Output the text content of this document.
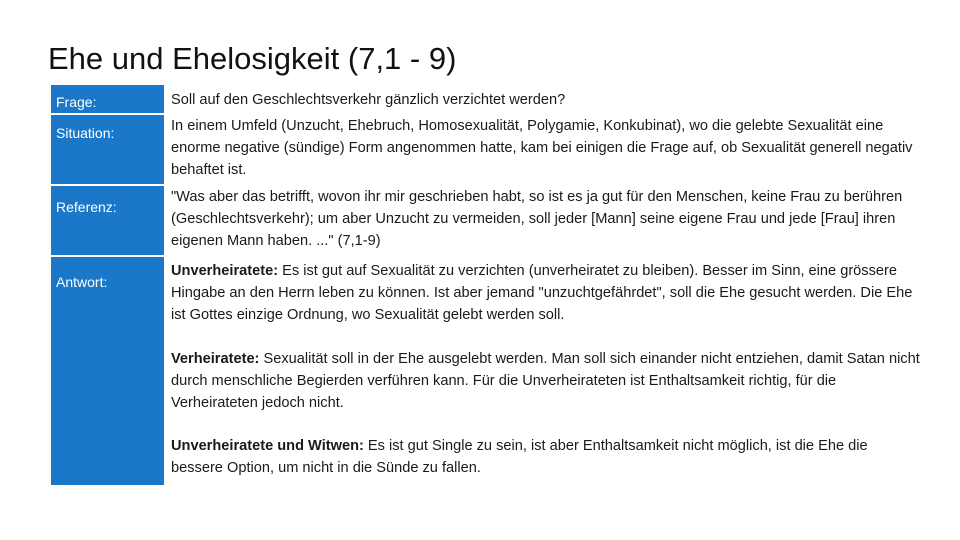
Ehe und Ehelosigkeit (7,1 - 9)
Frage:
Situation:
Referenz:
Antwort:
Soll auf den Geschlechtsverkehr gänzlich verzichtet werden?
In einem Umfeld (Unzucht, Ehebruch, Homosexualität, Polygamie, Konkubinat), wo die gelebte Sexualität eine enorme negative (sündige) Form angenommen hatte, kam bei einigen die Frage auf, ob Sexualität generell negativ behaftet ist.
"Was aber das betrifft, wovon ihr mir geschrieben habt, so ist es ja gut für den Menschen, keine Frau zu berühren (Geschlechtsverkehr); um aber Unzucht zu vermeiden, soll jeder [Mann] seine eigene Frau und jede [Frau] ihren eigenen Mann haben. ..." (7,1-9)
Unverheiratete: Es ist gut auf Sexualität zu verzichten (unverheiratet zu bleiben). Besser im Sinn, eine grössere Hingabe an den Herrn leben zu können. Ist aber jemand "unzuchtgefährdet", soll die Ehe gesucht werden. Die Ehe ist Gottes einzige Ordnung, wo Sexualität gelebt werden soll.
Verheiratete: Sexualität soll in der Ehe ausgelebt werden. Man soll sich einander nicht entziehen, damit Satan nicht durch menschliche Begierden verführen kann. Für die Unverheirateten ist Enthaltsamkeit richtig, für die Verheirateten jedoch nicht.
Unverheiratete und Witwen: Es ist gut Single zu sein, ist aber Enthaltsamkeit nicht möglich, ist die Ehe die bessere Option, um nicht in die Sünde zu fallen.
